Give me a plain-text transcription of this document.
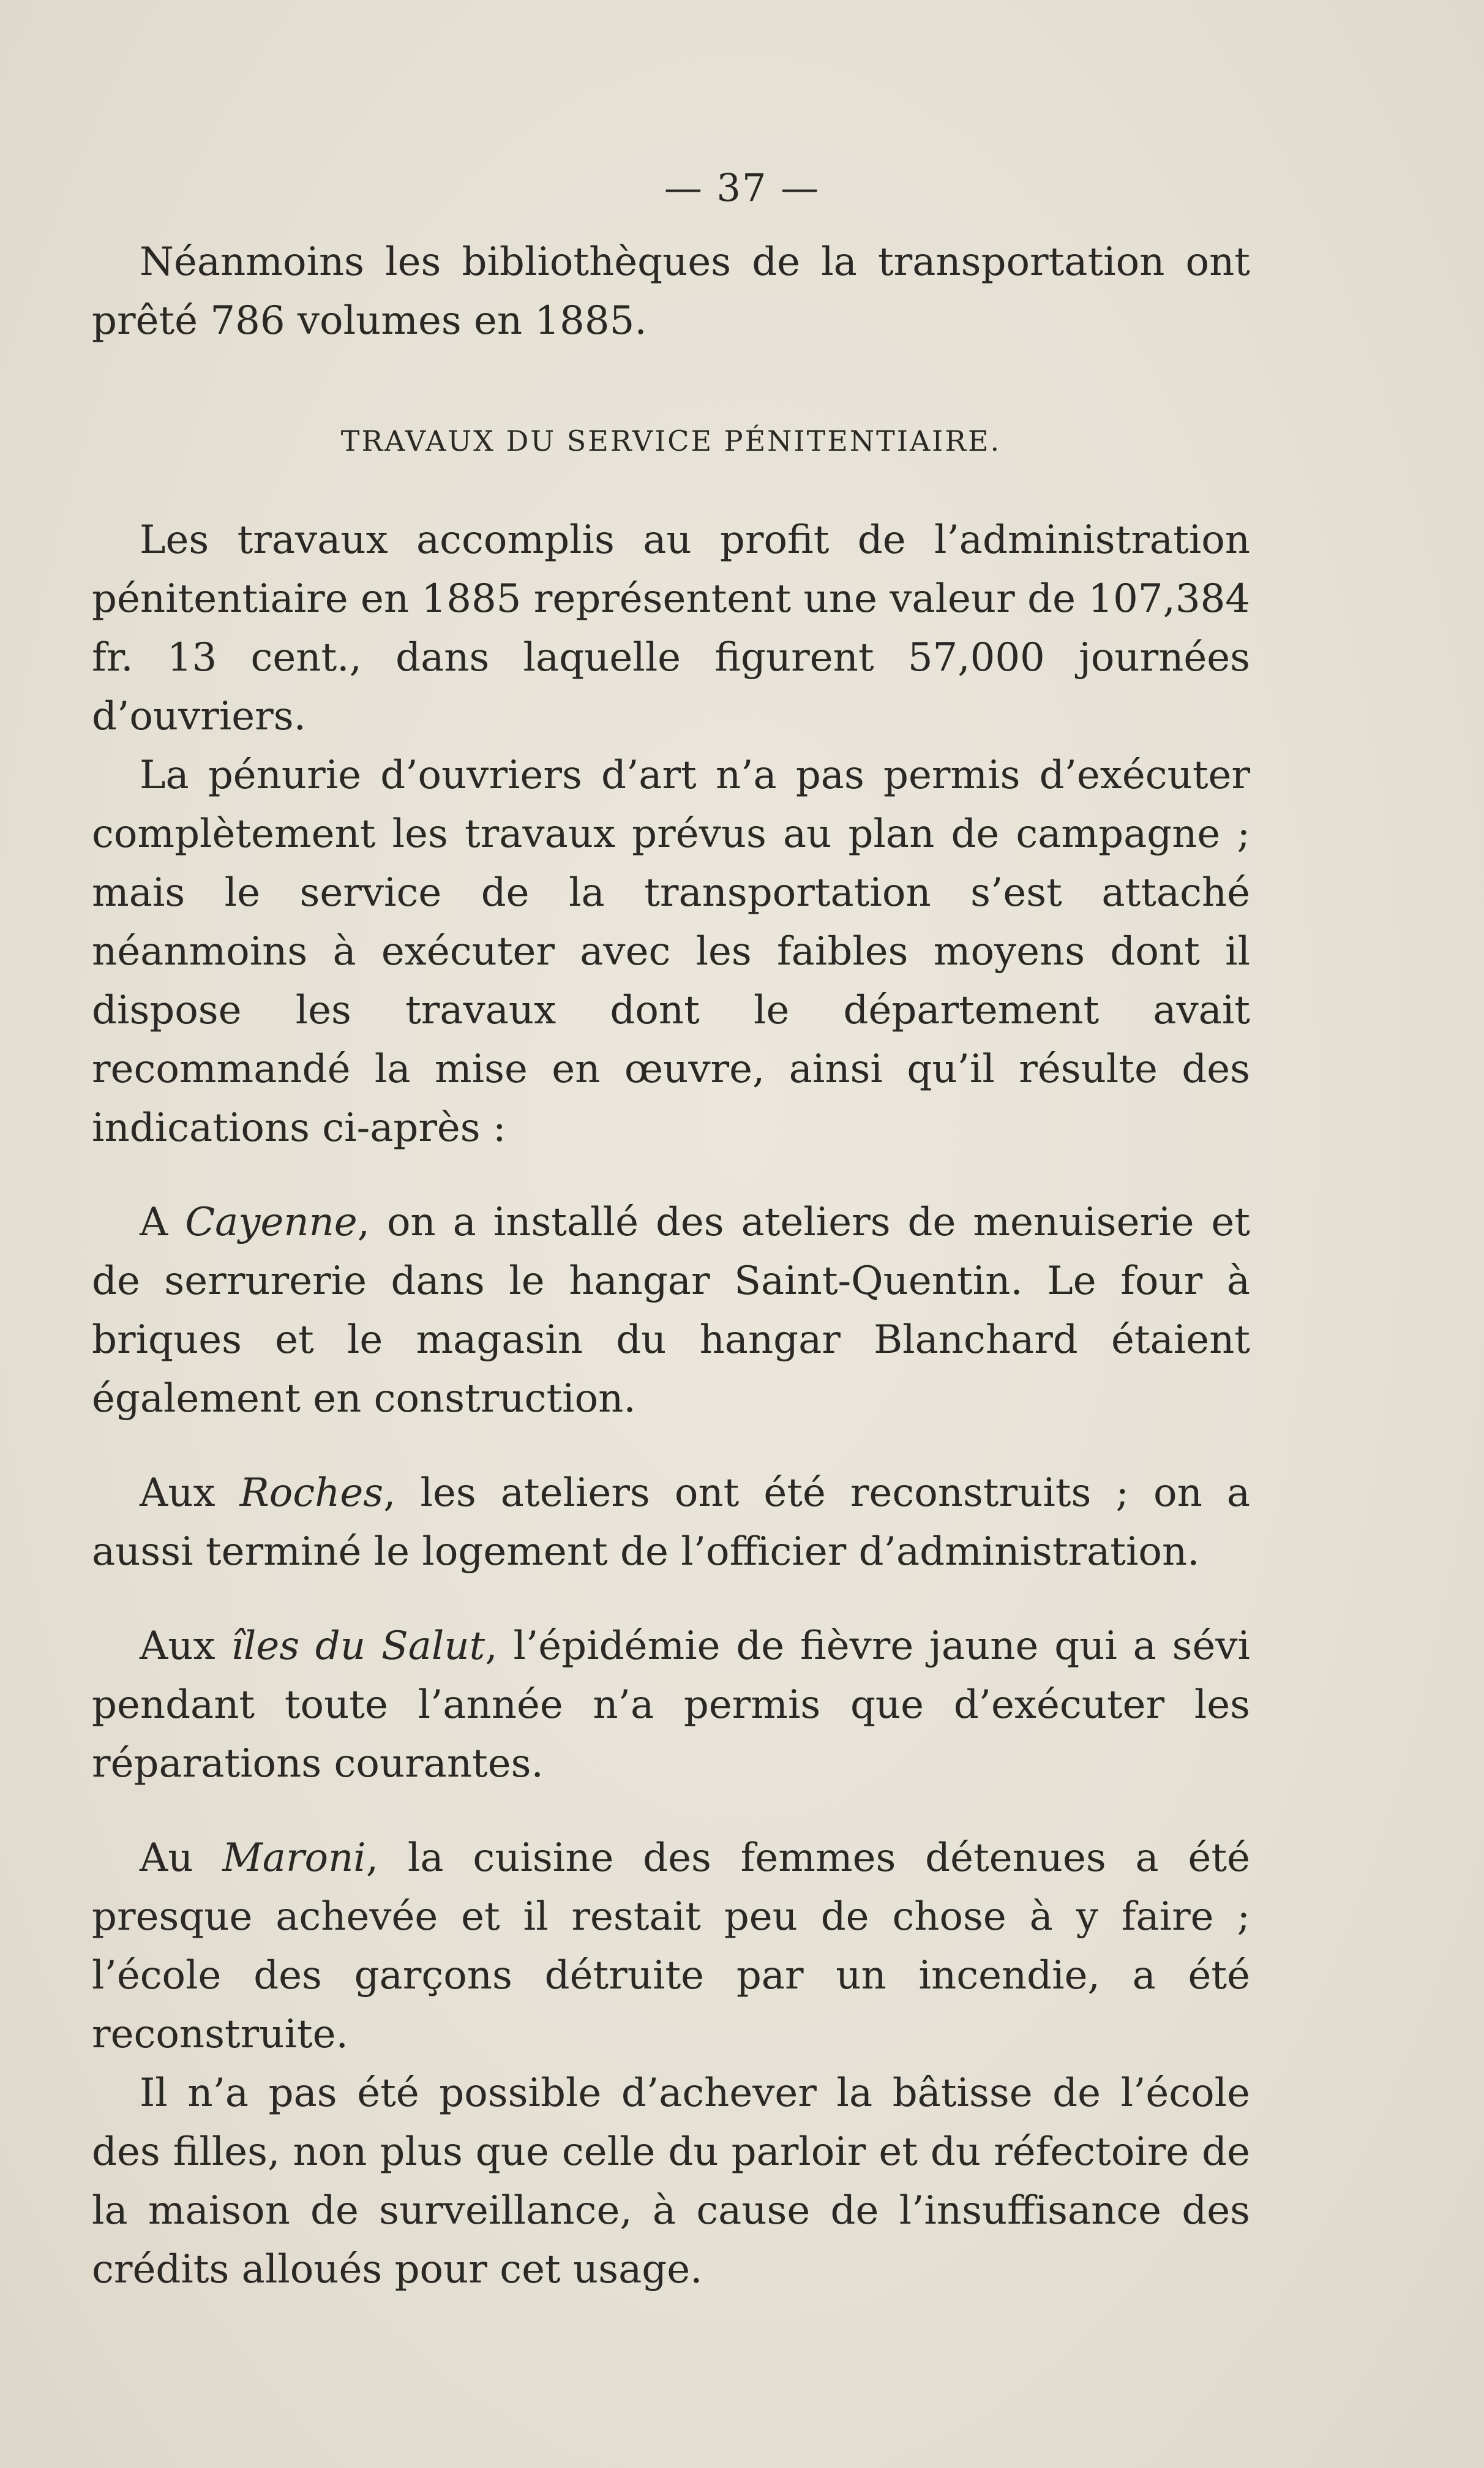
— 37 —

Néanmoins les bibliothèques de la transportation ont prêté 786 volumes en 1885.

TRAVAUX DU SERVICE PÉNITENTIAIRE.

Les travaux accomplis au profit de l’administration pénitentiaire en 1885 représentent une valeur de 107,384 fr. 13 cent., dans laquelle figurent 57,000 journées d’ouvriers.

La pénurie d’ouvriers d’art n’a pas permis d’exécuter complètement les travaux prévus au plan de campagne ; mais le service de la transportation s’est attaché néanmoins à exécuter avec les faibles moyens dont il dispose les travaux dont le département avait recommandé la mise en œuvre, ainsi qu’il résulte des indications ci-après :

A Cayenne, on a installé des ateliers de menuiserie et de serrurerie dans le hangar Saint-Quentin. Le four à briques et le magasin du hangar Blanchard étaient également en construction.

Aux Roches, les ateliers ont été reconstruits ; on a aussi terminé le logement de l’officier d’administration.

Aux îles du Salut, l’épidémie de fièvre jaune qui a sévi pendant toute l’année n’a permis que d’exécuter les réparations courantes.

Au Maroni, la cuisine des femmes détenues a été presque achevée et il restait peu de chose à y faire ; l’école des garçons détruite par un incendie, a été reconstruite.

Il n’a pas été possible d’achever la bâtisse de l’école des filles, non plus que celle du parloir et du réfectoire de la maison de surveillance, à cause de l’insuffisance des crédits alloués pour cet usage.
